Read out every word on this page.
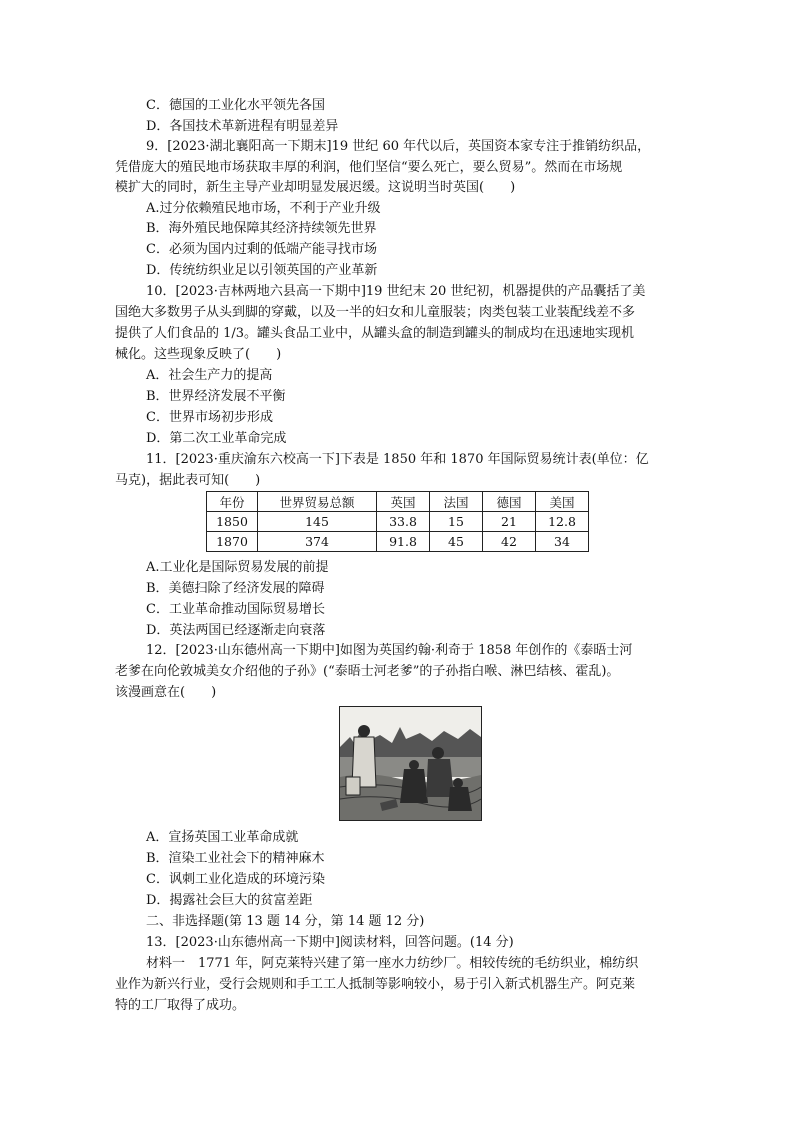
C．德国的工业化水平领先各国
D．各国技术革新进程有明显差异
9．[2023·湖北襄阳高一下期末]19 世纪 60 年代以后，英国资本家专注于推销纺织品，
凭借庞大的殖民地市场获取丰厚的利润，他们坚信“要么死亡，要么贸易”。然而在市场规
模扩大的同时，新生主导产业却明显发展迟缓。这说明当时英国(　　)
A.过分依赖殖民地市场，不利于产业升级
B．海外殖民地保障其经济持续领先世界
C．必须为国内过剩的低端产能寻找市场
D．传统纺织业足以引领英国的产业革新
10．[2023·吉林两地六县高一下期中]19 世纪末 20 世纪初，机器提供的产品囊括了美
国绝大多数男子从头到脚的穿戴，以及一半的妇女和儿童服装；肉类包装工业装配线差不多
提供了人们食品的 1/3。罐头食品工业中，从罐头盒的制造到罐头的制成均在迅速地实现机
械化。这些现象反映了(　　)
A．社会生产力的提高
B．世界经济发展不平衡
C．世界市场初步形成
D．第二次工业革命完成
11．[2023·重庆渝东六校高一下]下表是 1850 年和 1870 年国际贸易统计表(单位：亿
马克)，据此表可知(　　)
年份	世界贸易总额	英国	法国	德国	美国
1850	145	33.8	15	21	12.8
1870	374	91.8	45	42	34
A.工业化是国际贸易发展的前提
B．美德扫除了经济发展的障碍
C．工业革命推动国际贸易增长
D．英法两国已经逐渐走向衰落
12．[2023·山东德州高一下期中]如图为英国约翰·利奇于 1858 年创作的《泰晤士河
老爹在向伦敦城美女介绍他的子孙》(“泰晤士河老爹”的子孙指白喉、淋巴结核、霍乱)。
该漫画意在(　　)
A．宣扬英国工业革命成就
B．渲染工业社会下的精神麻木
C．讽刺工业化造成的环境污染
D．揭露社会巨大的贫富差距
二、非选择题(第 13 题 14 分，第 14 题 12 分)
13．[2023·山东德州高一下期中]阅读材料，回答问题。(14 分)
材料一　1771 年，阿克莱特兴建了第一座水力纺纱厂。相较传统的毛纺织业，棉纺织
业作为新兴行业，受行会规则和手工工人抵制等影响较小，易于引入新式机器生产。阿克莱
特的工厂取得了成功。
